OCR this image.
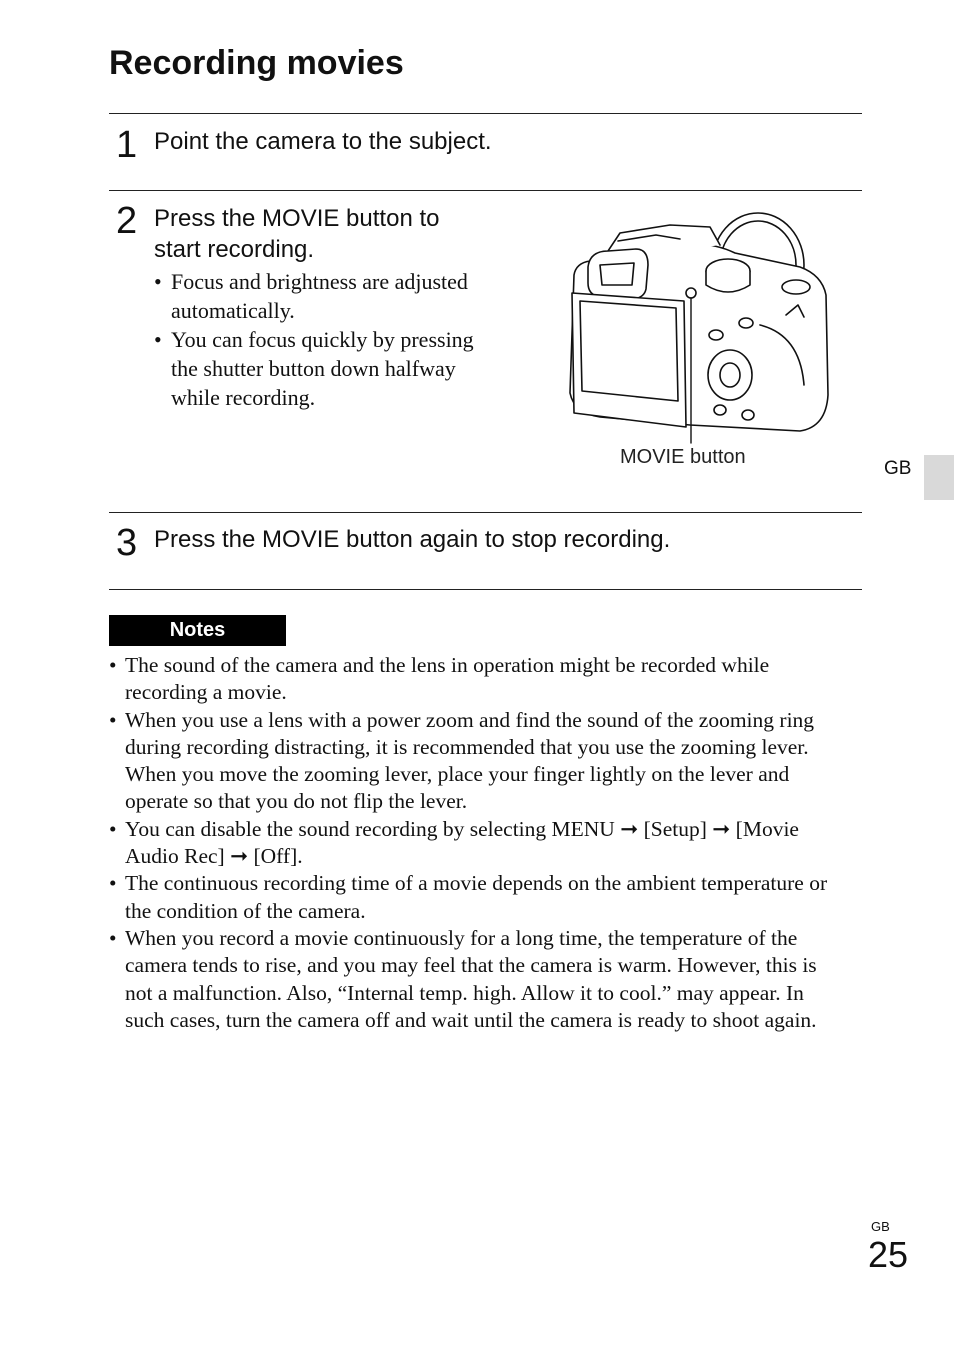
Recording movies
1 Point the camera to the subject.
2 Press the MOVIE button to
start recording.
• Focus and brightness are adjusted
automatically.
• You can focus quickly by pressing
the shutter button down halfway
while recording.
MOVIE button
GB
3 Press the MOVIE button again to stop recording.
Notes
• The sound of the camera and the lens in operation might be recorded while
recording a movie.
• When you use a lens with a power zoom and find the sound of the zooming ring
during recording distracting, it is recommended that you use the zooming lever.
When you move the zooming lever, place your finger lightly on the lever and
operate so that you do not flip the lever.
• You can disable the sound recording by selecting MENU ➞ [Setup] ➞ [Movie
Audio Rec] ➞ [Off].
• The continuous recording time of a movie depends on the ambient temperature or
the condition of the camera.
• When you record a movie continuously for a long time, the temperature of the
camera tends to rise, and you may feel that the camera is warm. However, this is
not a malfunction. Also, “Internal temp. high. Allow it to cool.” may appear. In
such cases, turn the camera off and wait until the camera is ready to shoot again.
GB
25
